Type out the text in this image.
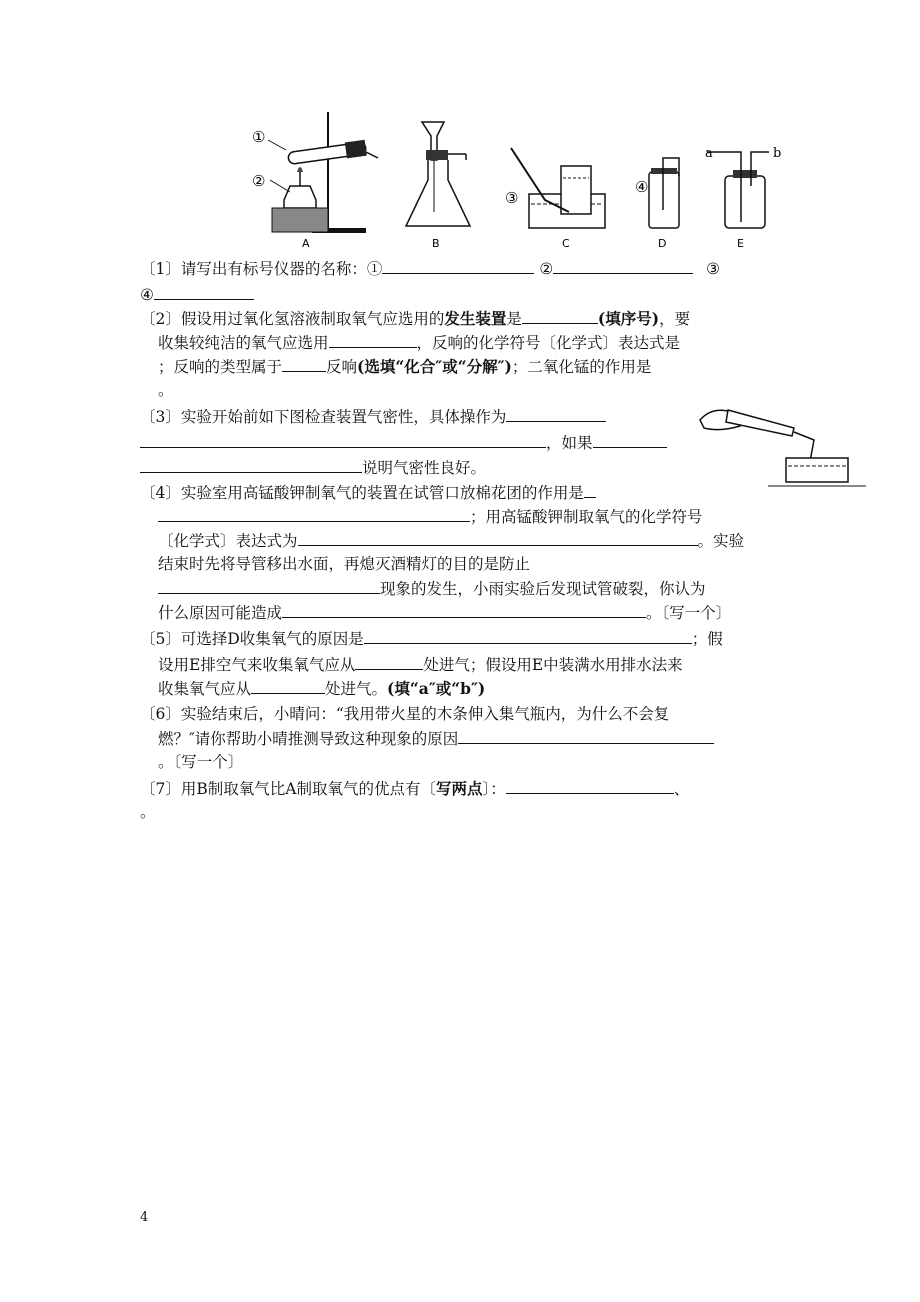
①
②
A	B
③
C
④
D
a	b
E
〔1〕请写出有标号仪器的名称：①	②	③
④
〔2〕假设用过氧化氢溶液制取氧气应选用的发生装置是	(填序号)，要
收集较纯洁的氧气应选用	，反响的化学符号〔化学式〕表达式是
；反响的类型属于	反响(选填“化合″或“分解″)；二氧化锰的作用是
。
〔3〕实验开始前如下图检查装置气密性，具体操作为
，如果
说明气密性良好。
〔4〕实验室用高锰酸钾制氧气的装置在试管口放棉花团的作用是
；用高锰酸钾制取氧气的化学符号
〔化学式〕表达式为	。实验
结束时先将导管移出水面，再熄灭酒精灯的目的是防止
现象的发生，小雨实验后发现试管破裂，你认为
什么原因可能造成	。〔写一个〕
〔5〕可选择D收集氧气的原因是	；假
设用E排空气来收集氧气应从	处进气；假设用E中装满水用排水法来
收集氧气应从	处进气。(填“a″或“b″)
〔6〕实验结束后，小晴问：“我用带火星的木条伸入集气瓶内，为什么不会复
燃？″请你帮助小晴推测导致这种现象的原因
。〔写一个〕
〔7〕用B制取氧气比A制取氧气的优点有〔写两点〕：	、
。
4
